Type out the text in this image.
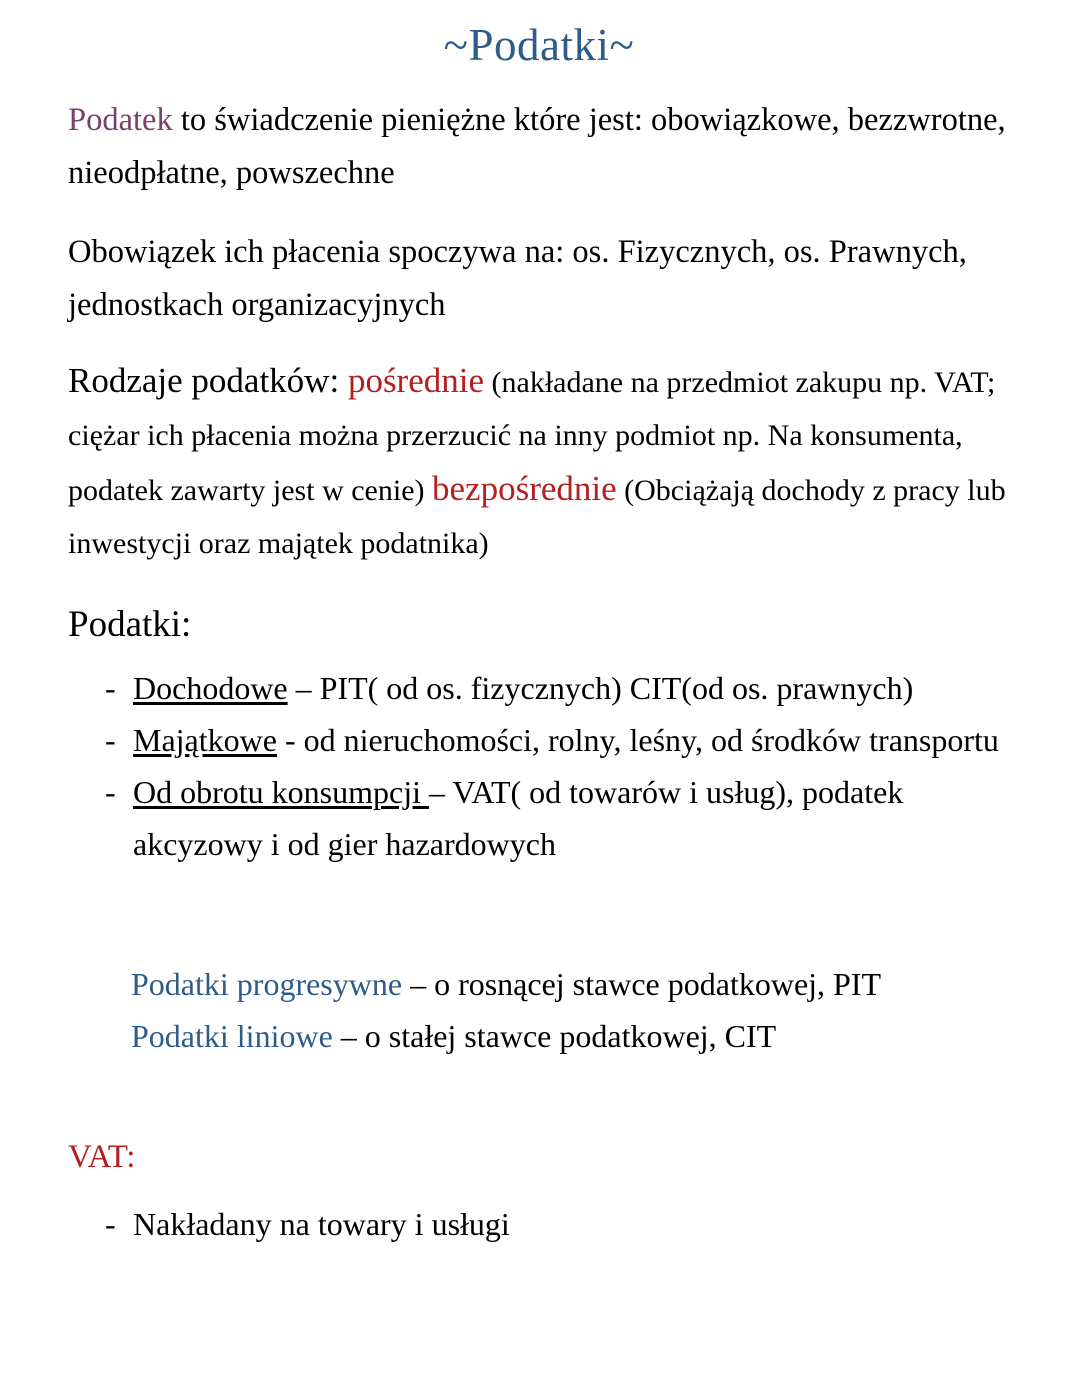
~Podatki~

Podatek to świadczenie pieniężne które jest: obowiązkowe, bezzwrotne, nieodpłatne, powszechne

Obowiązek ich płacenia spoczywa na: os. Fizycznych, os. Prawnych, jednostkach organizacyjnych

Rodzaje podatków: pośrednie (nakładane na przedmiot zakupu np. VAT; ciężar ich płacenia można przerzucić na inny podmiot np. Na konsumenta, podatek zawarty jest w cenie) bezpośrednie (Obciążają dochody z pracy lub inwestycji oraz majątek podatnika)

Podatki:

- Dochodowe – PIT( od os. fizycznych) CIT(od os. prawnych)
- Majątkowe - od nieruchomości, rolny, leśny, od środków transportu
- Od obrotu konsumpcji – VAT( od towarów i usług), podatek akcyzowy i od gier hazardowych
Podatki progresywne – o rosnącej stawce podatkowej, PIT
Podatki liniowe – o stałej stawce podatkowej, CIT

VAT:

- Nakładany na towary i usługi
